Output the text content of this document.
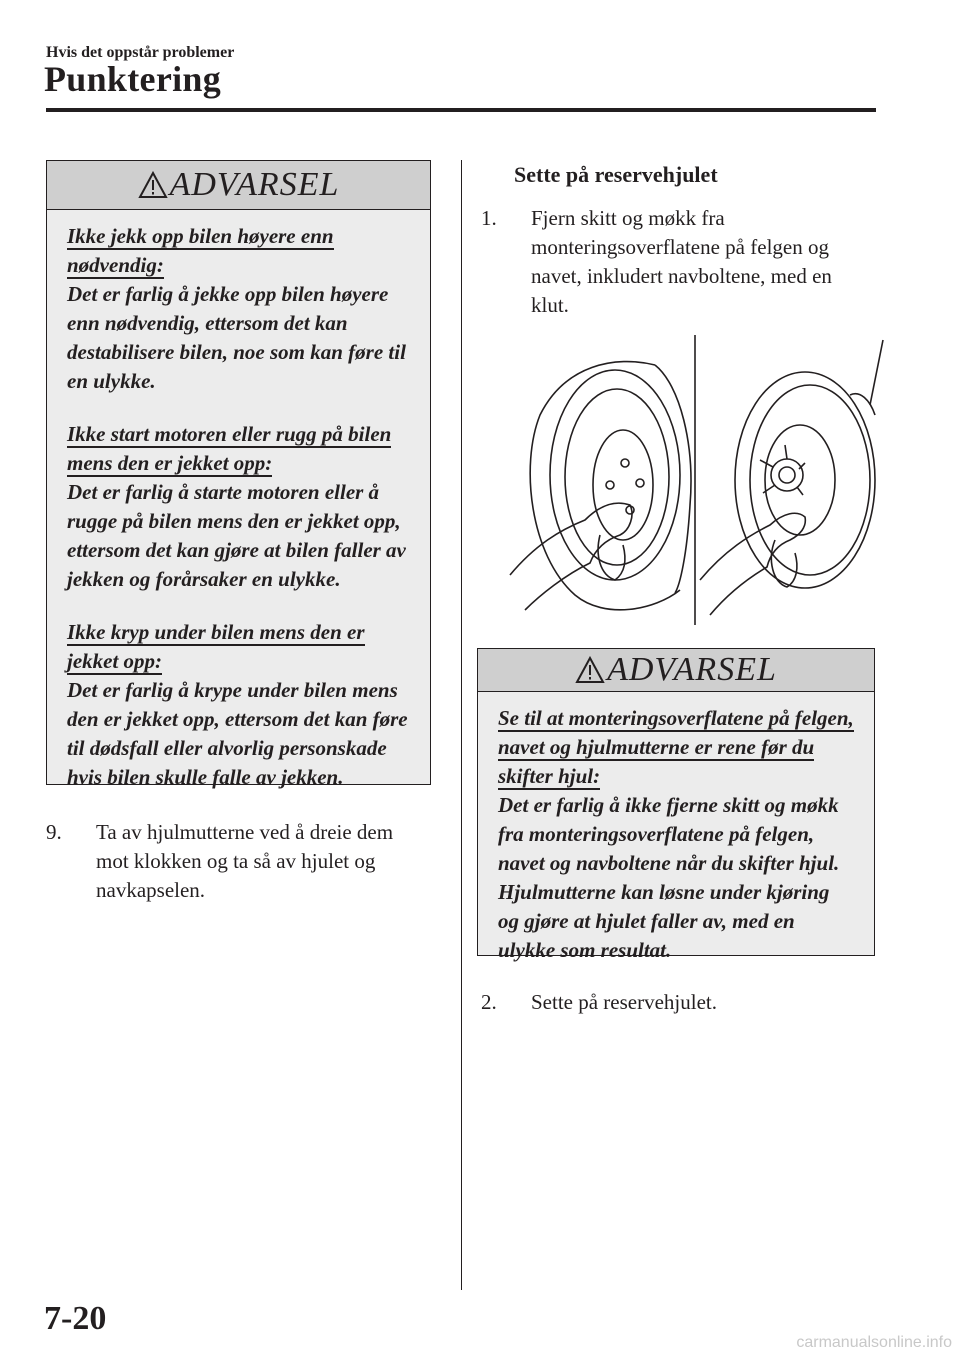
Hvis det oppstår problemer
Punktering
ADVARSEL
Ikke jekk opp bilen høyere enn nødvendig:
Det er farlig å jekke opp bilen høyere enn nødvendig, ettersom det kan destabilisere bilen, noe som kan føre til en ulykke.
Ikke start motoren eller rugg på bilen mens den er jekket opp:
Det er farlig å starte motoren eller å rugge på bilen mens den er jekket opp, ettersom det kan gjøre at bilen faller av jekken og forårsaker en ulykke.
Ikke kryp under bilen mens den er jekket opp:
Det er farlig å krype under bilen mens den er jekket opp, ettersom det kan føre til dødsfall eller alvorlig personskade hvis bilen skulle falle av jekken.
9. Ta av hjulmutterne ved å dreie dem mot klokken og ta så av hjulet og navkapselen.
Sette på reservehjulet
1. Fjern skitt og møkk fra monteringsoverflatene på felgen og navet, inkludert navboltene, med en klut.
ADVARSEL
Se til at monteringsoverflatene på felgen, navet og hjulmutterne er rene før du skifter hjul:
Det er farlig å ikke fjerne skitt og møkk fra monteringsoverflatene på felgen, navet og navboltene når du skifter hjul. Hjulmutterne kan løsne under kjøring og gjøre at hjulet faller av, med en ulykke som resultat.
2. Sette på reservehjulet.
7-20
carmanualsonline.info
